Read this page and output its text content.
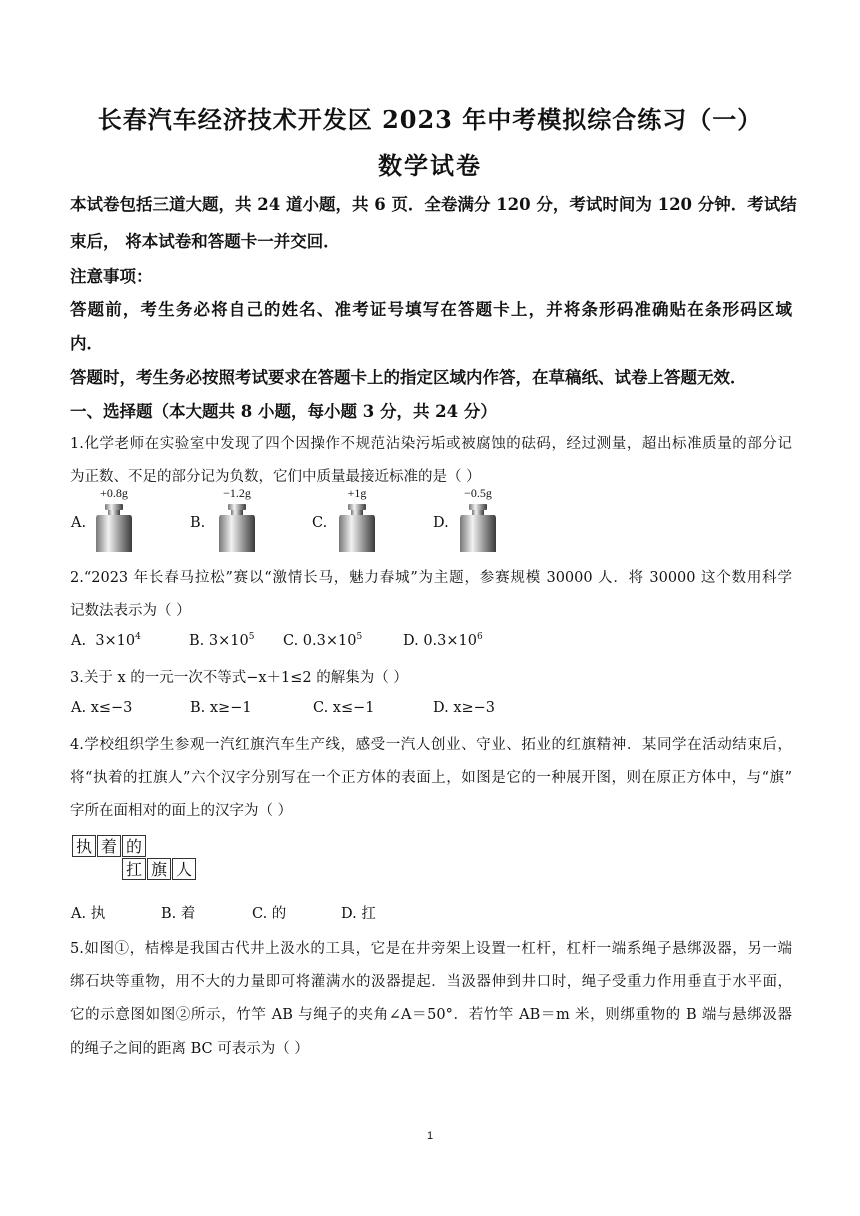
长春汽车经济技术开发区 2023 年中考模拟综合练习（一）
数学试卷
本试卷包括三道大题，共 24 道小题，共 6 页．全卷满分 120 分，考试时间为 120 分钟．考试结
束后， 将本试卷和答题卡一并交回．
注意事项：
答题前，考生务必将自己的姓名、准考证号填写在答题卡上，并将条形码准确贴在条形码区域
内．
答题时，考生务必按照考试要求在答题卡上的指定区域内作答，在草稿纸、试卷上答题无效．
一、选择题（本大题共 8 小题，每小题 3 分，共 24 分）
1.化学老师在实验室中发现了四个因操作不规范沾染污垢或被腐蚀的砝码，经过测量，超出标准质量的部分记
为正数、不足的部分记为负数，它们中质量最接近标准的是（ ）
A.	B.	C.	D.
+0.8g	−1.2g	+1g	−0.5g
2.“2023 年长春马拉松”赛以“激情长马，魅力春城”为主题，参赛规模 30000 人．将 30000 这个数用科学
记数法表示为（ ）
A. $3\times 10^4$	B. $3\times 10^5$ C. $0.3\times 10^5$	D. $0.3\times 10^6$
3.关于 x 的一元一次不等式−x＋1≤2 的解集为（ ）
A. x≤−3	B. x≥−1	C. x≤−1	D. x≥−3
4.学校组织学生参观一汽红旗汽车生产线，感受一汽人创业、守业、拓业的红旗精神．某同学在活动结束后，
将“执着的扛旗人”六个汉字分别写在一个正方体的表面上，如图是它的一种展开图，则在原正方体中，与“旗”
字所在面相对的面上的汉字为（ ）
执 着 的
扛 旗 人
A. 执	B. 着	C. 的	D. 扛
5.如图①，桔槔是我国古代井上汲水的工具，它是在井旁架上设置一杠杆，杠杆一端系绳子悬绑汲器，另一端
绑石块等重物，用不大的力量即可将灌满水的汲器提起．当汲器伸到井口时，绳子受重力作用垂直于水平面，
它的示意图如图②所示，竹竿 AB 与绳子的夹角∠A＝50°．若竹竿 AB＝m 米，则绑重物的 B 端与悬绑汲器
的绳子之间的距离 BC 可表示为（ ）
1
